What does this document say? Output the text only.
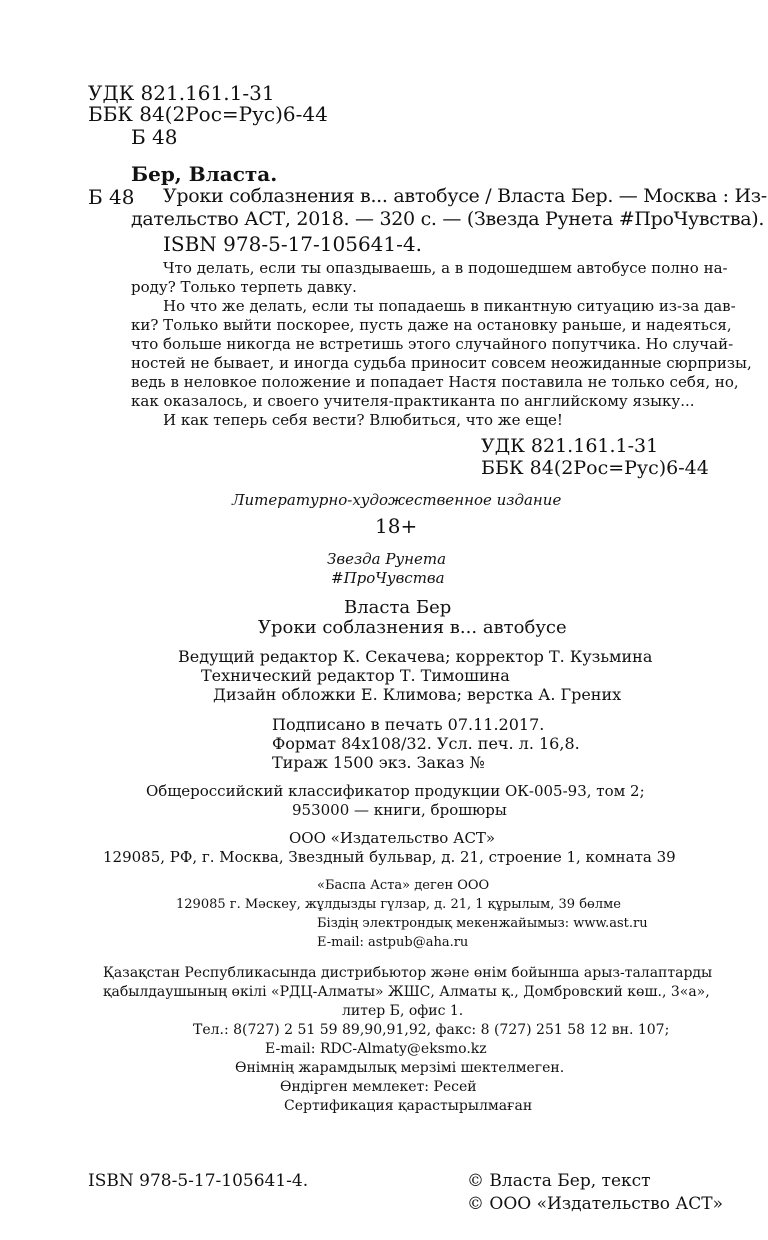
УДК 821.161.1-31
ББК 84(2Рос=Рус)6-44
Б 48
Бер, Власта.
Б 48 Уроки соблазнения в... автобусе / Власта Бер. — Москва : Из-
дательство АСТ, 2018. — 320 с. — (Звезда Рунета #ПроЧувства).
ISBN 978-5-17-105641-4.
Что делать, если ты опаздываешь, а в подошедшем автобусе полно на-
роду? Только терпеть давку.
Но что же делать, если ты попадаешь в пикантную ситуацию из-за дав-
ки? Только выйти поскорее, пусть даже на остановку раньше, и надеяться,
что больше никогда не встретишь этого случайного попутчика. Но случай-
ностей не бывает, и иногда судьба приносит совсем неожиданные сюрпризы,
ведь в неловкое положение и попадает Настя поставила не только себя, но,
как оказалось, и своего учителя-практиканта по английскому языку...
И как теперь себя вести? Влюбиться, что же еще!
УДК 821.161.1-31
ББК 84(2Рос=Рус)6-44
Литературно-художественное издание
18+
Звезда Рунета
#ПроЧувства
Власта Бер
Уроки соблазнения в... автобусе
Ведущий редактор К. Секачева; корректор Т. Кузьмина
Технический редактор Т. Тимошина
Дизайн обложки Е. Климова; верстка А. Грених
Подписано в печать 07.11.2017.
Формат 84х108/32. Усл. печ. л. 16,8.
Тираж 1500 экз. Заказ №
Общероссийский классификатор продукции ОК-005-93, том 2;
953000 — книги, брошюры
ООО «Издательство АСТ»
129085, РФ, г. Москва, Звездный бульвар, д. 21, строение 1, комната 39
«Баспа Аста» деген ООО
129085 г. Мәскеу, жұлдызды гүлзар, д. 21, 1 құрылым, 39 бөлме
Біздің электрондық мекенжайымыз: www.ast.ru
E-mail: astpub@aha.ru
Қазақстан Республикасында дистрибьютор және өнім бойынша арыз-талаптарды
қабылдаушының өкілі «РДЦ-Алматы» ЖШС, Алматы қ., Домбровский көш., 3«а»,
литер Б, офис 1.
Тел.: 8(727) 2 51 59 89,90,91,92, факс: 8 (727) 251 58 12 вн. 107;
E-mail: RDC-Almaty@eksmo.kz
Өнімнің жарамдылық мерзімі шектелмеген.
Өндірген мемлекет: Ресей
Сертификация қарастырылмаған
ISBN 978-5-17-105641-4.	© Власта Бер, текст
© ООО «Издательство АСТ»
